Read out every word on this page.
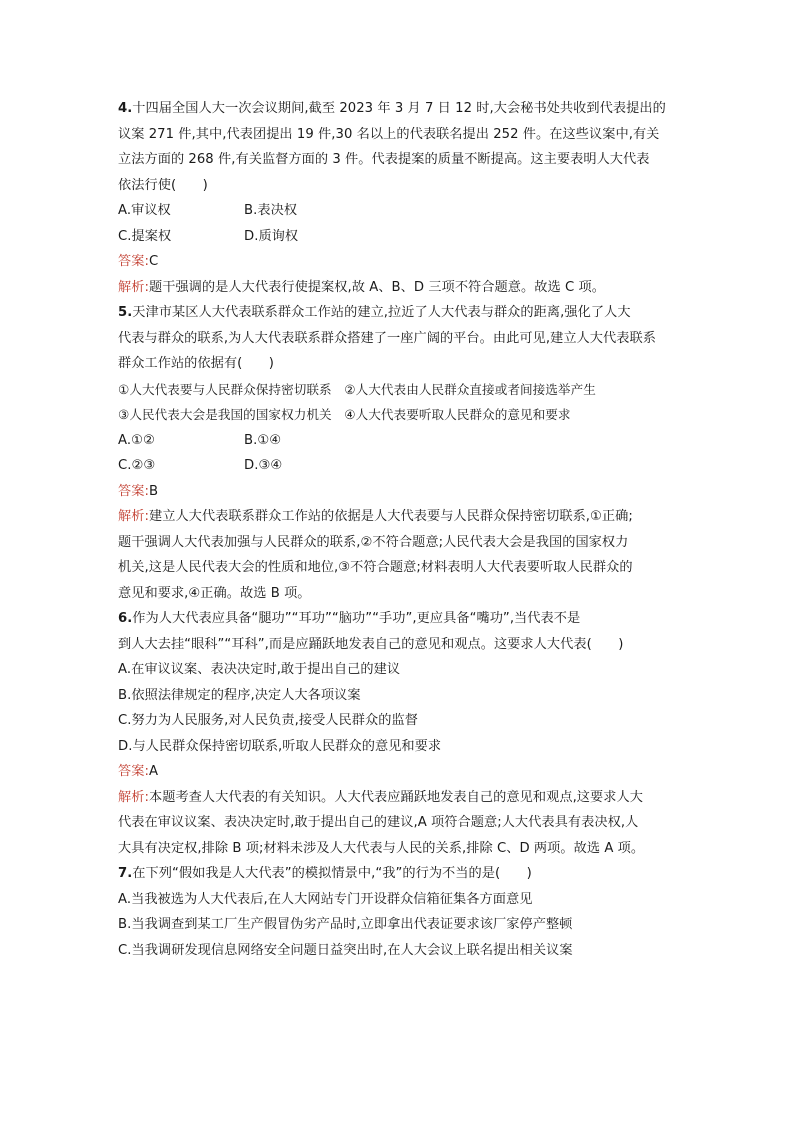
4.十四届全国人大一次会议期间,截至 2023 年 3 月 7 日 12 时,大会秘书处共收到代表提出的
议案 271 件,其中,代表团提出 19 件,30 名以上的代表联名提出 252 件。在这些议案中,有关
立法方面的 268 件,有关监督方面的 3 件。代表提案的质量不断提高。这主要表明人大代表
依法行使(　　)
A.审议权	B.表决权
C.提案权	D.质询权
答案:C
解析:题干强调的是人大代表行使提案权,故 A、B、D 三项不符合题意。故选 C 项。
5.天津市某区人大代表联系群众工作站的建立,拉近了人大代表与群众的距离,强化了人大
代表与群众的联系,为人大代表联系群众搭建了一座广阔的平台。由此可见,建立人大代表联系
群众工作站的依据有(　　)
①人大代表要与人民群众保持密切联系　②人大代表由人民群众直接或者间接选举产生
③人民代表大会是我国的国家权力机关　④人大代表要听取人民群众的意见和要求
A.①②	B.①④
C.②③	D.③④
答案:B
解析:建立人大代表联系群众工作站的依据是人大代表要与人民群众保持密切联系,①正确;
题干强调人大代表加强与人民群众的联系,②不符合题意;人民代表大会是我国的国家权力
机关,这是人民代表大会的性质和地位,③不符合题意;材料表明人大代表要听取人民群众的
意见和要求,④正确。故选 B 项。
6.作为人大代表应具备“腿功”“耳功”“脑功”“手功”,更应具备“嘴功”,当代表不是
到人大去挂“眼科”“耳科”,而是应踊跃地发表自己的意见和观点。这要求人大代表(　　)
A.在审议议案、表决决定时,敢于提出自己的建议
B.依照法律规定的程序,决定人大各项议案
C.努力为人民服务,对人民负责,接受人民群众的监督
D.与人民群众保持密切联系,听取人民群众的意见和要求
答案:A
解析:本题考查人大代表的有关知识。人大代表应踊跃地发表自己的意见和观点,这要求人大
代表在审议议案、表决决定时,敢于提出自己的建议,A 项符合题意;人大代表具有表决权,人
大具有决定权,排除 B 项;材料未涉及人大代表与人民的关系,排除 C、D 两项。故选 A 项。
7.在下列“假如我是人大代表”的模拟情景中,“我”的行为不当的是(　　)
A.当我被选为人大代表后,在人大网站专门开设群众信箱征集各方面意见
B.当我调查到某工厂生产假冒伪劣产品时,立即拿出代表证要求该厂家停产整顿
C.当我调研发现信息网络安全问题日益突出时,在人大会议上联名提出相关议案
